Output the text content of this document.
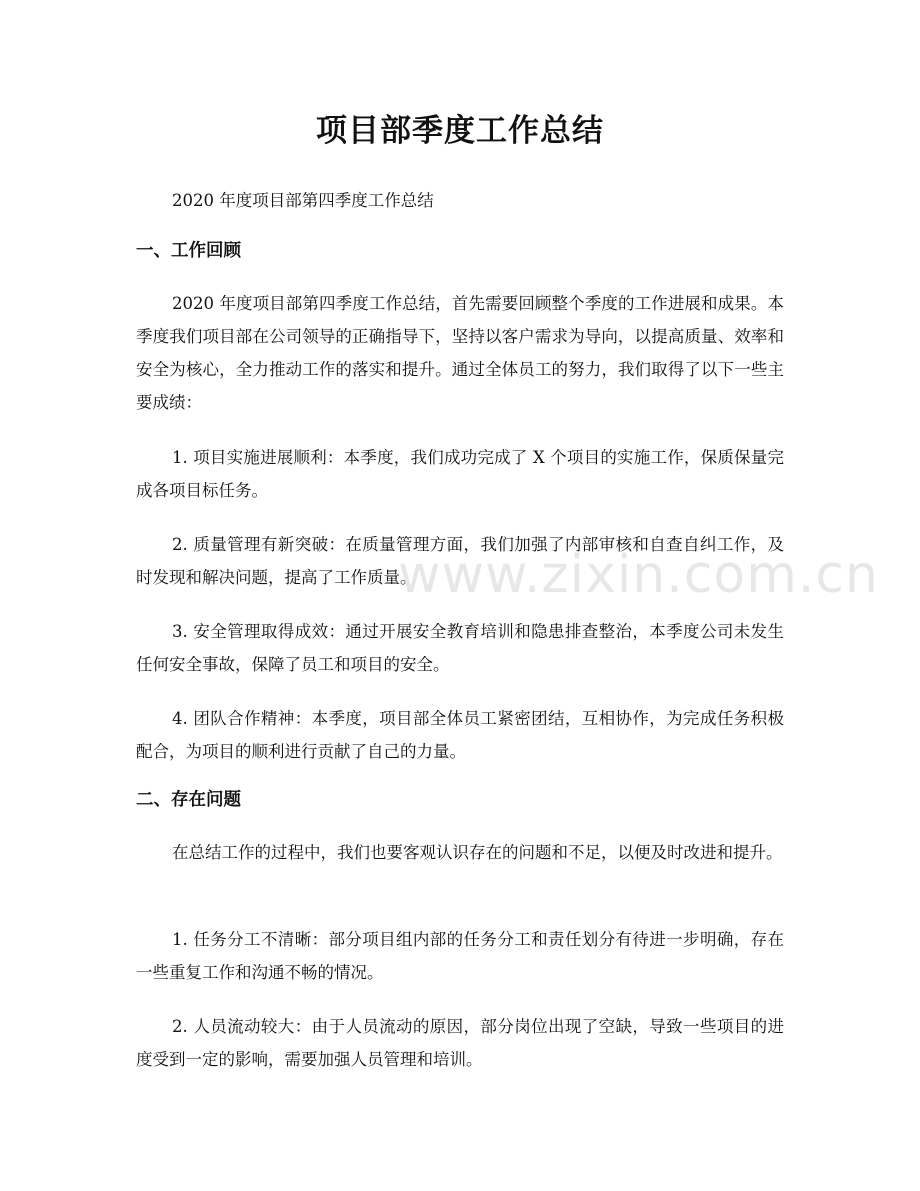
项目部季度工作总结

2020 年度项目部第四季度工作总结

一、工作回顾

2020 年度项目部第四季度工作总结，首先需要回顾整个季度的工作进展和成果。本季度我们项目部在公司领导的正确指导下，坚持以客户需求为导向，以提高质量、效率和安全为核心，全力推动工作的落实和提升。通过全体员工的努力，我们取得了以下一些主要成绩：

1. 项目实施进展顺利：本季度，我们成功完成了 X 个项目的实施工作，保质保量完成各项目标任务。

2. 质量管理有新突破：在质量管理方面，我们加强了内部审核和自查自纠工作，及时发现和解决问题，提高了工作质量。

3. 安全管理取得成效：通过开展安全教育培训和隐患排查整治，本季度公司未发生任何安全事故，保障了员工和项目的安全。

4. 团队合作精神：本季度，项目部全体员工紧密团结，互相协作，为完成任务积极配合，为项目的顺利进行贡献了自己的力量。

二、存在问题

在总结工作的过程中，我们也要客观认识存在的问题和不足，以便及时改进和提升。

1. 任务分工不清晰：部分项目组内部的任务分工和责任划分有待进一步明确，存在一些重复工作和沟通不畅的情况。

2. 人员流动较大：由于人员流动的原因，部分岗位出现了空缺，导致一些项目的进度受到一定的影响，需要加强人员管理和培训。

www.zixin.com.cn
